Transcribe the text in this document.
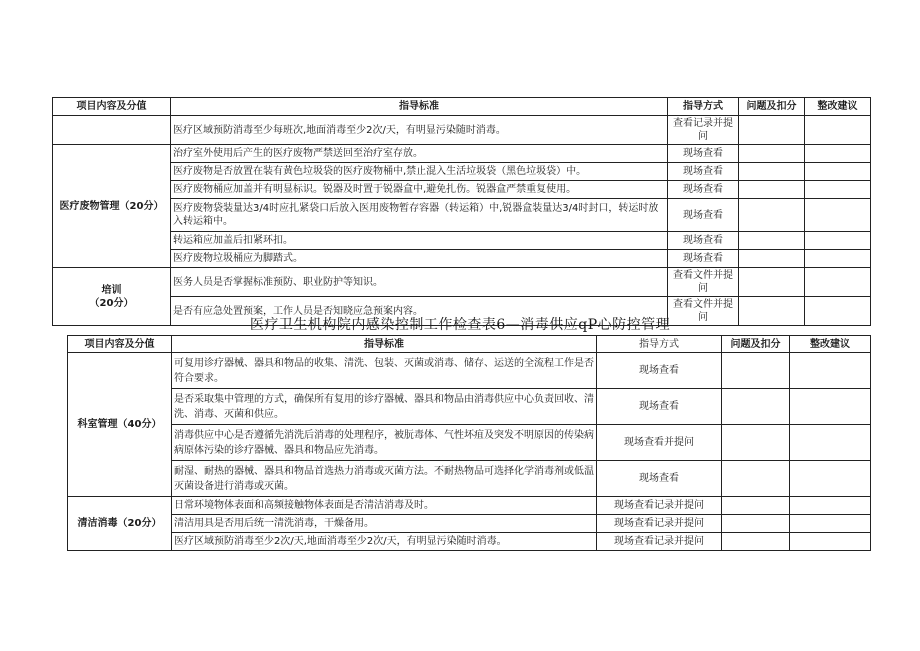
项目内容及分值	指导标准	指导方式	问题及扣分	整改建议
	医疗区域预防消毒至少每班次,地面消毒至少2次/天，有明显污染随时消毒。	查看记录并提问		
医疗废物管理（20分）	治疗室外使用后产生的医疗废物严禁送回至治疗室存放。	现场查看		
	医疗废物是否放置在装有黄色垃圾袋的医疗废物桶中,禁止混入生活垃圾袋（黑色垃圾袋）中。	现场查看		
	医疗废物桶应加盖并有明显标识。锐器及时置于锐器盒中,避免扎伤。锐器盒严禁重复使用。	现场查看		
	医疗废物袋装量达3/4时应扎紧袋口后放入医用废物暂存容器（转运箱）中,锐器盒装量达3/4时封口，转运时放入转运箱中。	现场查看		
	转运箱应加盖后扣紧环扣。	现场查看		
	医疗废物垃圾桶应为脚踏式。	现场查看		

培训
（20分）	医务人员是否掌握标准预防、职业防护等知识。	查看文件并提问		
	是否有应急处置预案，工作人员是否知晓应急预案内容。	查看文件并提问		
医疗卫生机构院内感染控制工作检查表6—消毒供应qP心防控管理
项目内容及分值	指导标准	指导方式	问题及扣分	整改建议
科室管理（40分）	可复用诊疗器械、器具和物品的收集、清洗、包装、灭菌或消毒、储存、运送的全流程工作是否符合要求。	现场查看		
	是否采取集中管理的方式，确保所有复用的诊疗器械、器具和物品由消毒供应中心负责回收、清洗、消毒、灭菌和供应。	现场查看		
	消毒供应中心是否遵循先消洗后消毒的处理程序，被朊毒体、气性坏疽及突发不明原因的传染病病原体污染的诊疗器械、器具和物品应先消毒。	现场查看并提问		
	耐湿、耐热的器械、器具和物品首选热力消毒或灭菌方法。不耐热物品可选择化学消毒剂或低温灭菌设备进行消毒或灭菌。	现场查看		
清洁消毒（20分）	日常环境物体表面和高频接触物体表面是否清洁消毒及时。	现场查看记录并提问		
	清洁用具是否用后统一清洗消毒，干燥备用。	现场查看记录并提问		
	医疗区域预防消毒至少2次/天,地面消毒至少2次/天，有明显污染随时消毒。	现场查看记录并提问		
